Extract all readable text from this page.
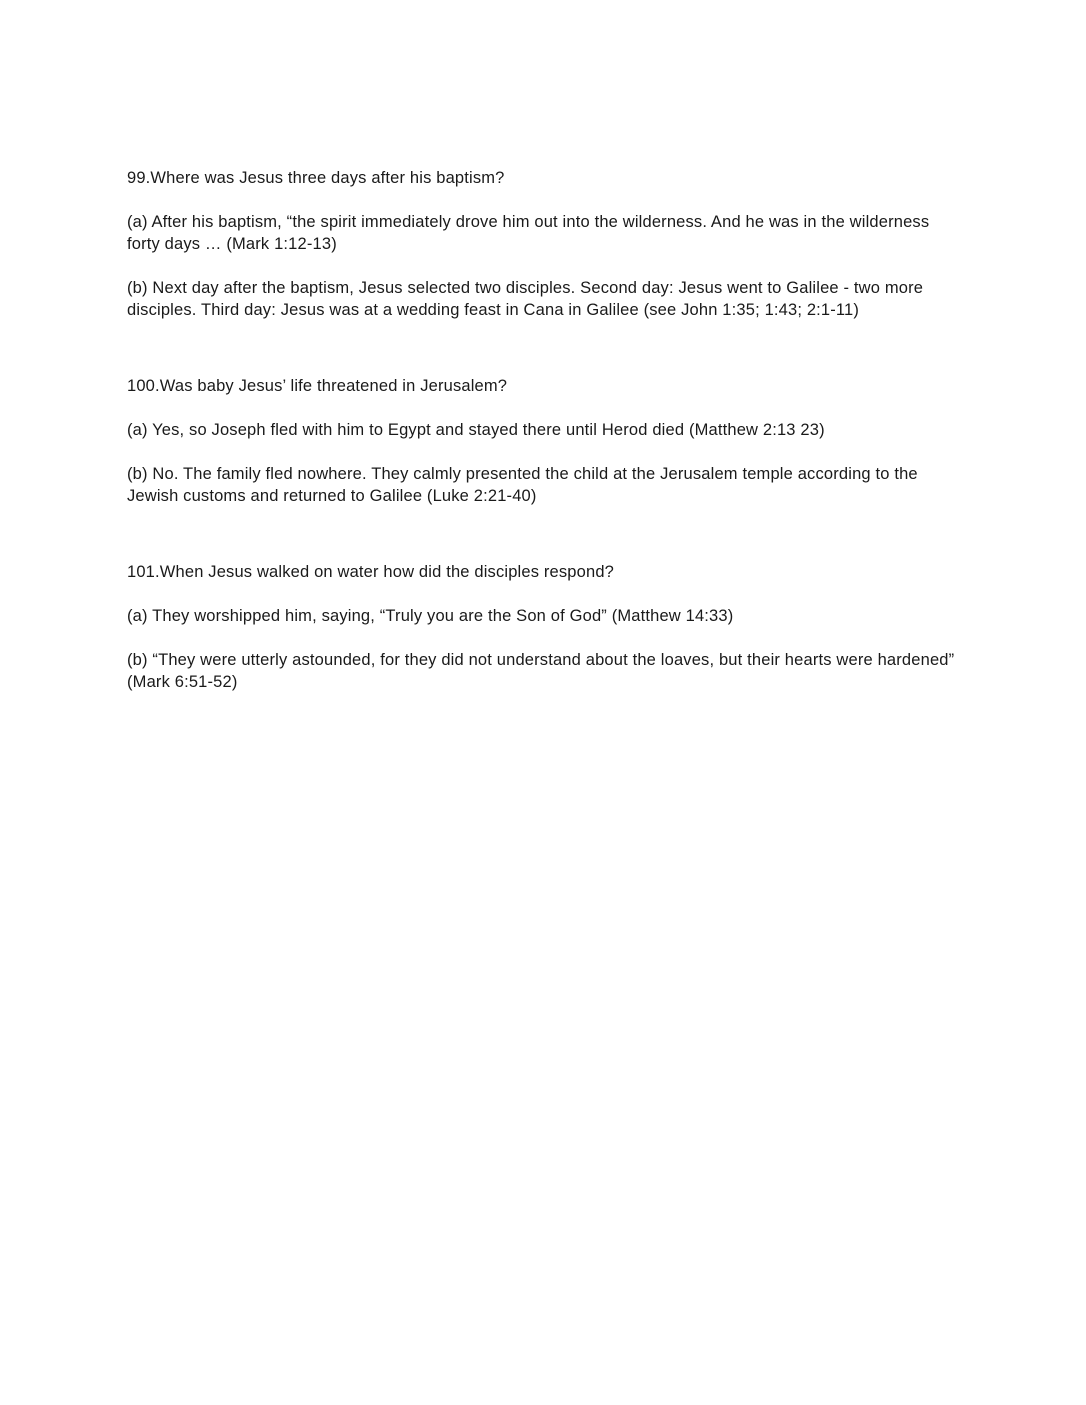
99.Where was Jesus three days after his baptism?

(a) After his baptism, “the spirit immediately drove him out into the wilderness. And he was in the wilderness forty days … (Mark 1:12-13)

(b) Next day after the baptism, Jesus selected two disciples. Second day: Jesus went to Galilee - two more disciples. Third day: Jesus was at a wedding feast in Cana in Galilee (see John 1:35; 1:43; 2:1-11)

100.Was baby Jesus’ life threatened in Jerusalem?

(a) Yes, so Joseph fled with him to Egypt and stayed there until Herod died (Matthew 2:13 23)

(b) No. The family fled nowhere. They calmly presented the child at the Jerusalem temple according to the Jewish customs and returned to Galilee (Luke 2:21-40)

101.When Jesus walked on water how did the disciples respond?

(a) They worshipped him, saying, “Truly you are the Son of God” (Matthew 14:33)

(b) “They were utterly astounded, for they did not understand about the loaves, but their hearts were hardened” (Mark 6:51-52)
